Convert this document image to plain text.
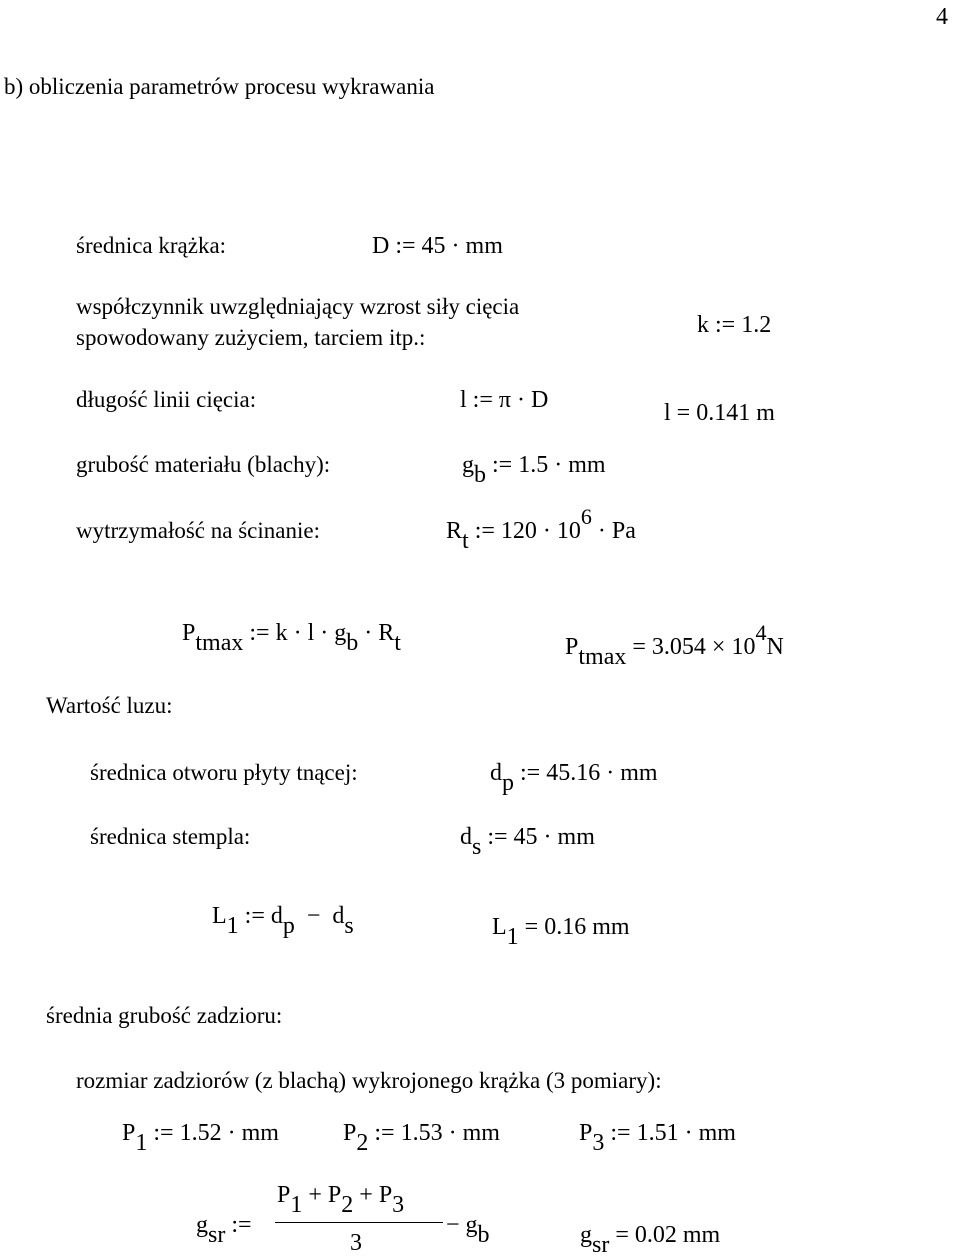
4
b) obliczenia parametrów procesu wykrawania
średnica krążka:	D := 45 · mm
współczynnik uwzględniający wzrost siły cięcia
spowodowany zużyciem, tarciem itp.:	k := 1.2
długość linii cięcia:	l := π · D	l = 0.141 m
grubość materiału (blachy):	gb := 1.5 · mm
wytrzymałość na ścinanie:	Rt := 120 · 106 · Pa
Ptmax := k · l · gb · Rt	Ptmax = 3.054 × 104N
Wartość luzu:
średnica otworu płyty tnącej:	dp := 45.16 · mm
średnica stempla:	ds := 45 · mm
L1 := dp − ds	L1 = 0.16 mm
średnia grubość zadzioru:
rozmiar zadziorów (z blachą) wykrojonego krążka (3 pomiary):
P1 := 1.52 · mm	P2 := 1.53 · mm	P3 := 1.51 · mm
gsr :=
P1 + P2 + P3
3
− gb	gsr = 0.02 mm
